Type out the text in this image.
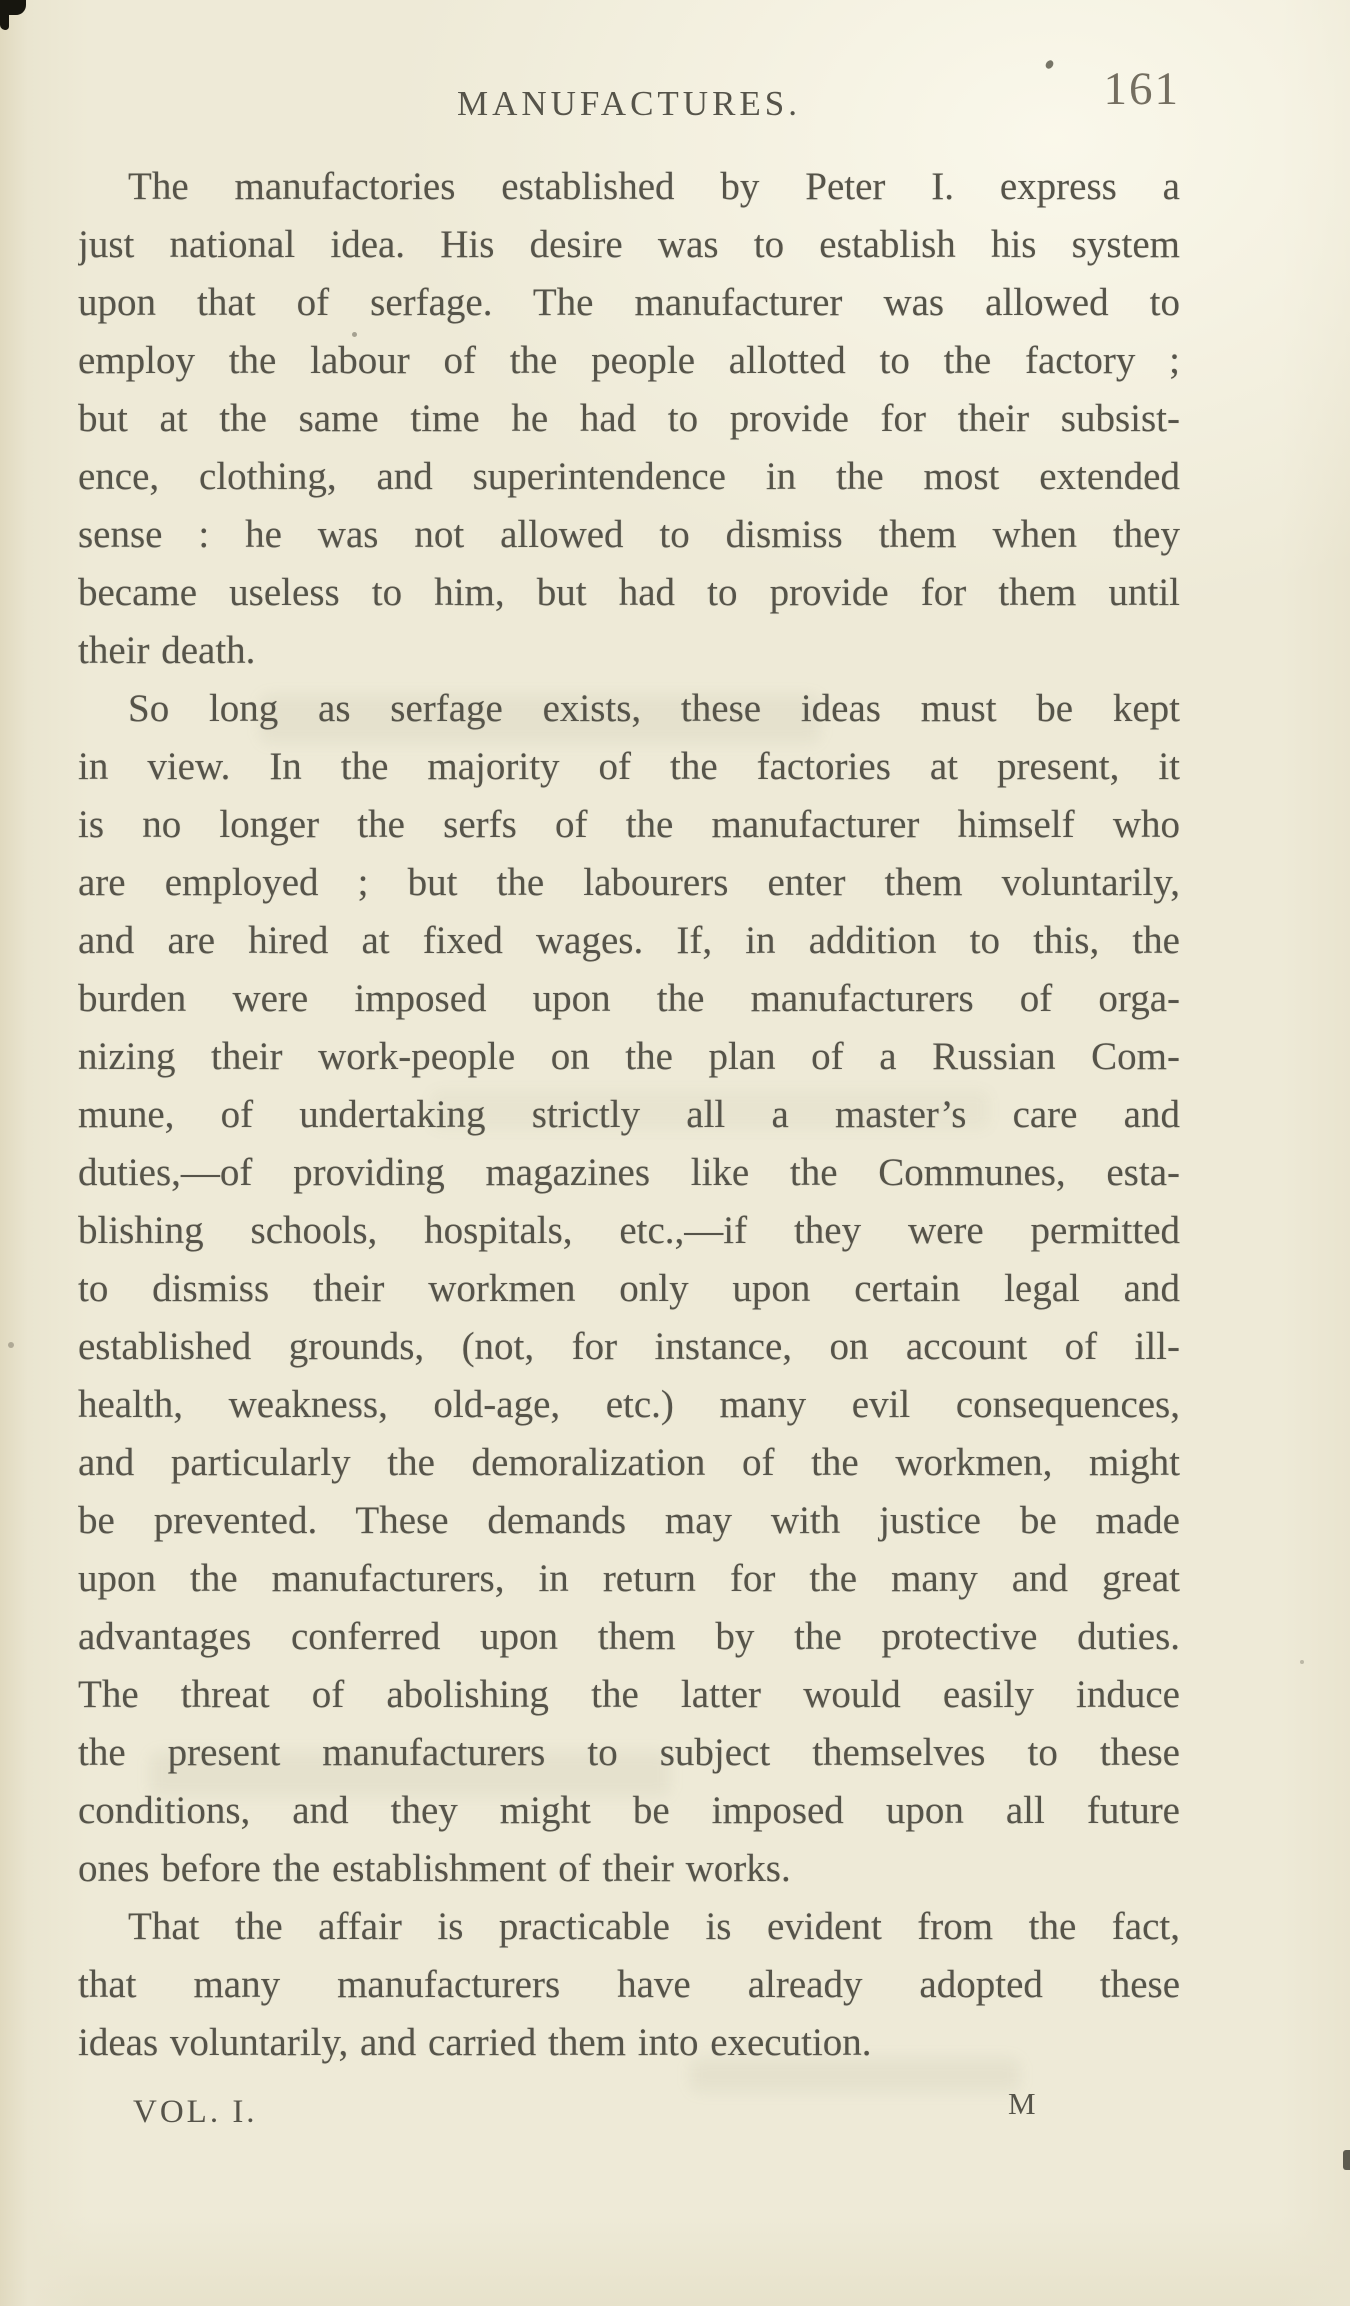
MANUFACTURES.	161
The manufactories established by Peter I. express a
just national idea. His desire was to establish his system
upon that of serfage. The manufacturer was allowed to
employ the labour of the people allotted to the factory ;
but at the same time he had to provide for their subsist-
ence, clothing, and superintendence in the most extended
sense : he was not allowed to dismiss them when they
became useless to him, but had to provide for them until
their death.
So long as serfage exists, these ideas must be kept
in view. In the majority of the factories at present, it
is no longer the serfs of the manufacturer himself who
are employed ; but the labourers enter them voluntarily,
and are hired at fixed wages. If, in addition to this, the
burden were imposed upon the manufacturers of orga-
nizing their work-people on the plan of a Russian Com-
mune, of undertaking strictly all a master’s care and
duties,—of providing magazines like the Communes, esta-
blishing schools, hospitals, etc.,—if they were permitted
to dismiss their workmen only upon certain legal and
established grounds, (not, for instance, on account of ill-
health, weakness, old-age, etc.) many evil consequences,
and particularly the demoralization of the workmen, might
be prevented. These demands may with justice be made
upon the manufacturers, in return for the many and great
advantages conferred upon them by the protective duties.
The threat of abolishing the latter would easily induce
the present manufacturers to subject themselves to these
conditions, and they might be imposed upon all future
ones before the establishment of their works.
That the affair is practicable is evident from the fact,
that many manufacturers have already adopted these
ideas voluntarily, and carried them into execution.
VOL. I.	M
